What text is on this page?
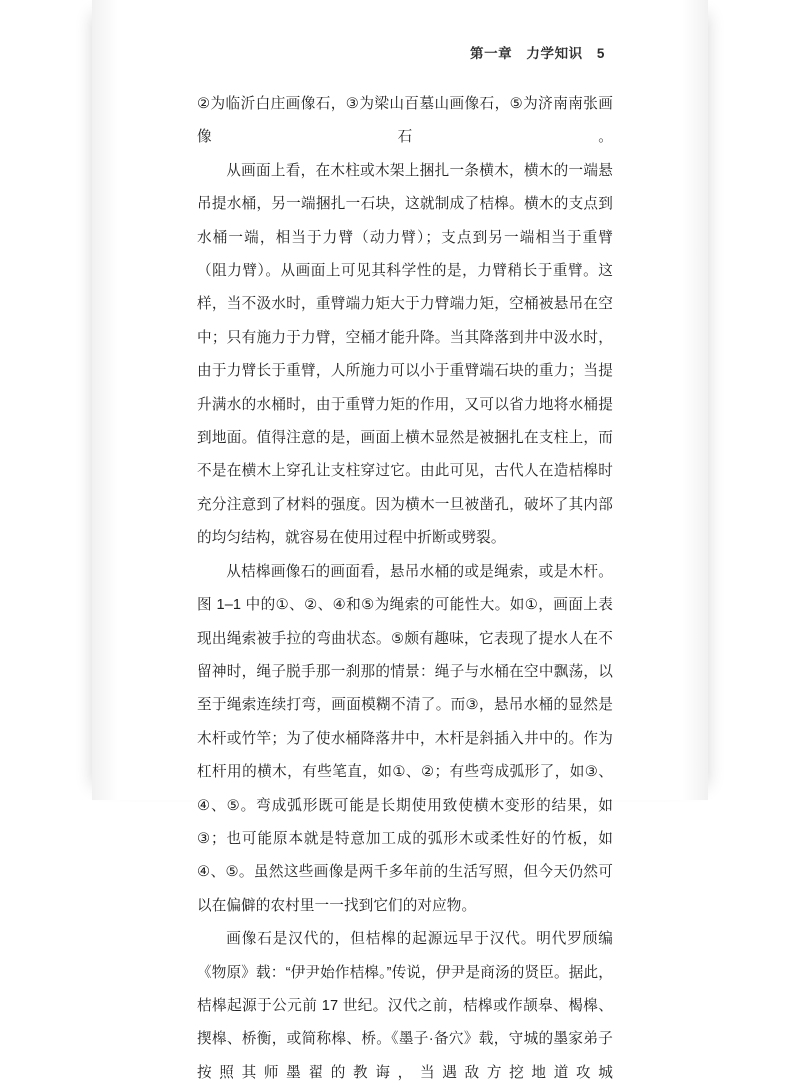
第一章　力学知识　5

②为临沂白庄画像石，③为梁山百墓山画像石，⑤为济南南张画像石。

从画面上看，在木柱或木架上捆扎一条横木，横木的一端悬吊提水桶，另一端捆扎一石块，这就制成了桔槔。横木的支点到水桶一端，相当于力臂（动力臂）；支点到另一端相当于重臂（阻力臂）。从画面上可见其科学性的是，力臂稍长于重臂。这样，当不汲水时，重臂端力矩大于力臂端力矩，空桶被悬吊在空中；只有施力于力臂，空桶才能升降。当其降落到井中汲水时，由于力臂长于重臂，人所施力可以小于重臂端石块的重力；当提升满水的水桶时，由于重臂力矩的作用，又可以省力地将水桶提到地面。值得注意的是，画面上横木显然是被捆扎在支柱上，而不是在横木上穿孔让支柱穿过它。由此可见，古代人在造桔槔时充分注意到了材料的强度。因为横木一旦被凿孔，破坏了其内部的均匀结构，就容易在使用过程中折断或劈裂。

从桔槔画像石的画面看，悬吊水桶的或是绳索，或是木杆。图 1–1 中的①、②、④和⑤为绳索的可能性大。如①，画面上表现出绳索被手拉的弯曲状态。⑤颇有趣味，它表现了提水人在不留神时，绳子脱手那一刹那的情景：绳子与水桶在空中飘荡，以至于绳索连续打弯，画面模糊不清了。而③，悬吊水桶的显然是木杆或竹竿；为了使水桶降落井中，木杆是斜插入井中的。作为杠杆用的横木，有些笔直，如①、②；有些弯成弧形了，如③、④、⑤。弯成弧形既可能是长期使用致使横木变形的结果，如③；也可能原本就是特意加工成的弧形木或柔性好的竹板，如④、⑤。虽然这些画像是两千多年前的生活写照，但今天仍然可以在偏僻的农村里一一找到它们的对应物。

画像石是汉代的，但桔槔的起源远早于汉代。明代罗颀编《物原》载：“伊尹始作桔槔。”传说，伊尹是商汤的贤臣。据此，桔槔起源于公元前 17 世纪。汉代之前，桔槔或作颉皋、楬槔、揳槔、桥衡，或简称槔、桥。《墨子·备穴》载，守城的墨家弟子按照其师墨翟的教诲，当遇敌方挖地道攻城
